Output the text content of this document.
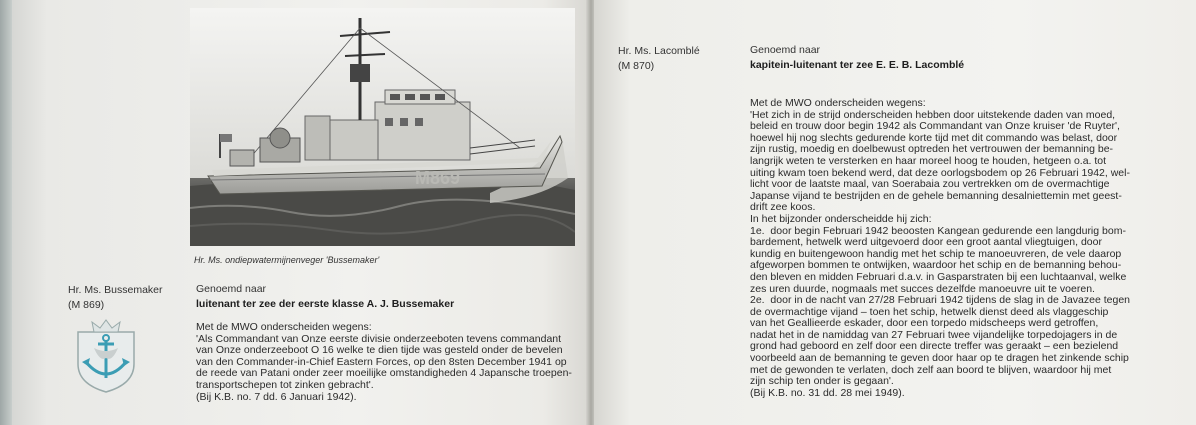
M869
Hr. Ms. ondiepwatermijnenveger 'Bussemaker'
Hr. Ms. Bussemaker
(M 869)
Genoemd naar
luitenant ter zee der eerste klasse A. J. Bussemaker

Met de MWO onderscheiden wegens:

'Als Commandant van Onze eerste divisie onderzeeboten tevens commandant

van Onze onderzeeboot O 16 welke te dien tijde was gesteld onder de bevelen

van den Commander-in-Chief Eastern Forces, op den 8sten December 1941 op

de reede van Patani onder zeer moeilijke omstandigheden 4 Japansche troepen-

transportschepen tot zinken gebracht'.

(Bij K.B. no. 7 dd. 6 Januari 1942).

Hr. Ms. Lacomblé
(M 870)
Genoemd naar
kapitein-luitenant ter zee E. E. B. Lacomblé

Met de MWO onderscheiden wegens:

'Het zich in de strijd onderscheiden hebben door uitstekende daden van moed,

beleid en trouw door begin 1942 als Commandant van Onze kruiser 'de Ruyter',

hoewel hij nog slechts gedurende korte tijd met dit commando was belast, door

zijn rustig, moedig en doelbewust optreden het vertrouwen der bemanning be-

langrijk weten te versterken en haar moreel hoog te houden, hetgeen o.a. tot

uiting kwam toen bekend werd, dat deze oorlogsbodem op 26 Februari 1942, wel-

licht voor de laatste maal, van Soerabaia zou vertrekken om de overmachtige

Japanse vijand te bestrijden en de gehele bemanning desalniettemin met geest-

drift zee koos.

In het bijzonder onderscheidde hij zich:

1e.  door begin Februari 1942 beoosten Kangean gedurende een langdurig bom-

bardement, hetwelk werd uitgevoerd door een groot aantal vliegtuigen, door

kundig en buitengewoon handig met het schip te manoeuvreren, de vele daarop

afgeworpen bommen te ontwijken, waardoor het schip en de bemanning behou-

den bleven en midden Februari d.a.v. in Gasparstraten bij een luchtaanval, welke

zes uren duurde, nogmaals met succes dezelfde manoeuvre uit te voeren.

2e.  door in de nacht van 27/28 Februari 1942 tijdens de slag in de Javazee tegen

de overmachtige vijand – toen het schip, hetwelk dienst deed als vlaggeschip

van het Geallieerde eskader, door een torpedo midscheeps werd getroffen,

nadat het in de namiddag van 27 Februari twee vijandelijke torpedojagers in de

grond had geboord en zelf door een directe treffer was geraakt – een bezielend

voorbeeld aan de bemanning te geven door haar op te dragen het zinkende schip

met de gewonden te verlaten, doch zelf aan boord te blijven, waardoor hij met

zijn schip ten onder is gegaan'.

(Bij K.B. no. 31 dd. 28 mei 1949).
